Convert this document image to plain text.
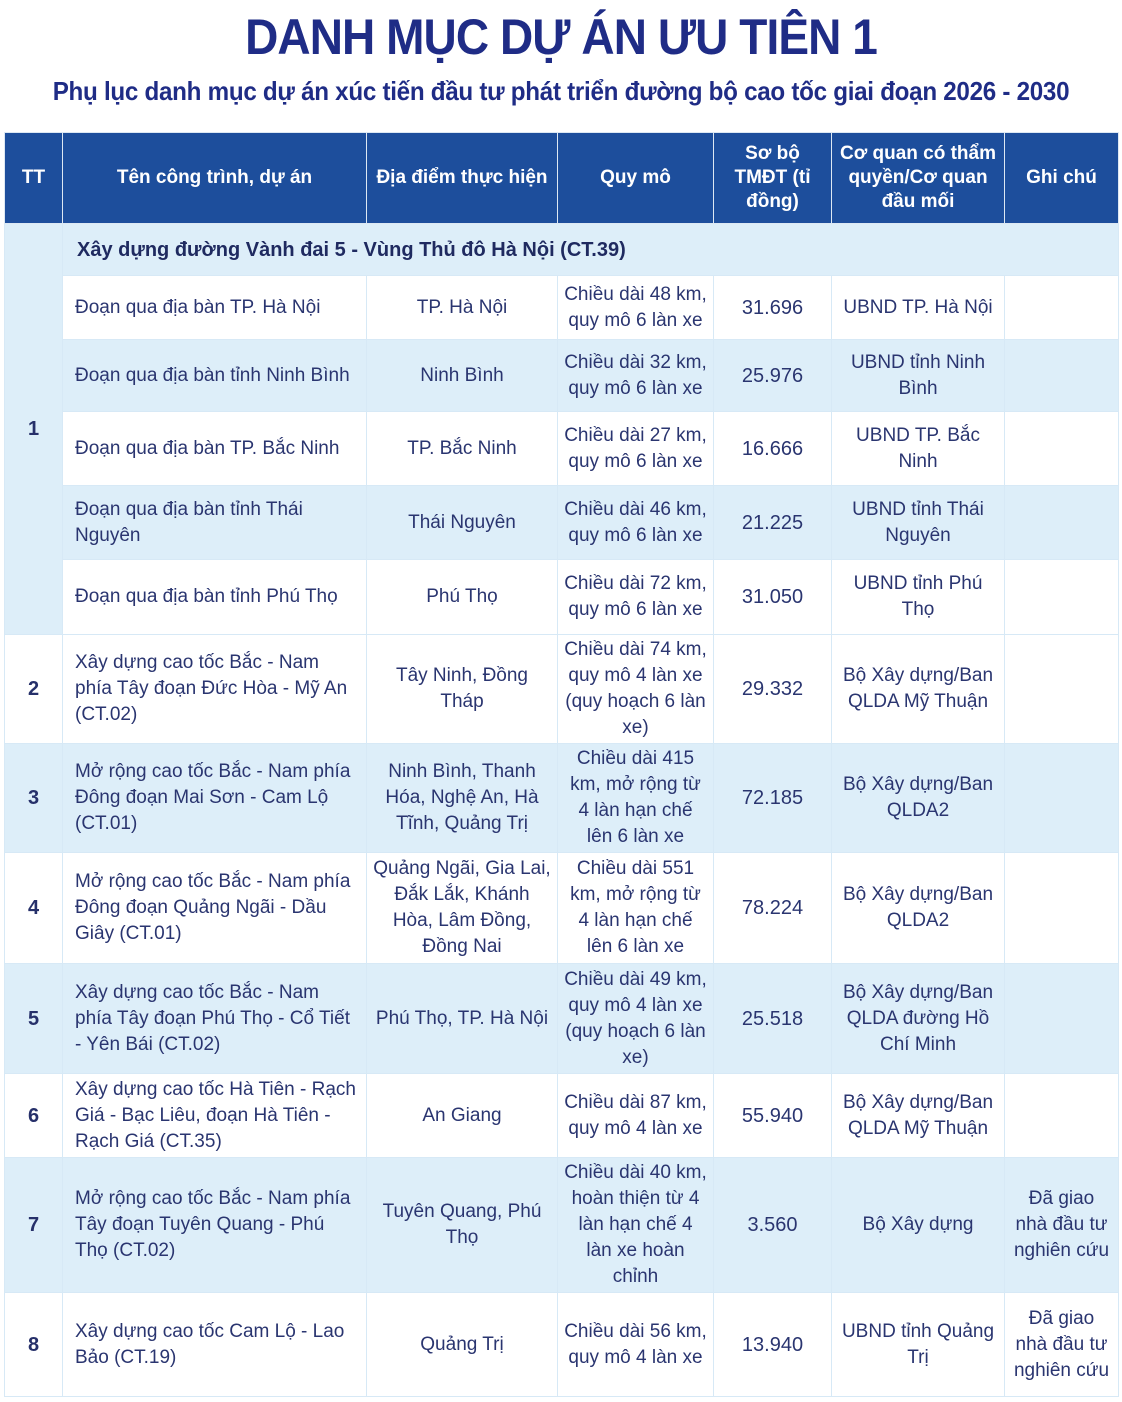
DANH MỤC DỰ ÁN ƯU TIÊN 1
Phụ lục danh mục dự án xúc tiến đầu tư phát triển đường bộ cao tốc giai đoạn 2026 - 2030
TT	Tên công trình, dự án	Địa điểm thực hiện	Quy mô	Sơ bộ TMĐT (tỉ đồng)	Cơ quan có thẩm quyền/Cơ quan đầu mối	Ghi chú
1	Xây dựng đường Vành đai 5 - Vùng Thủ đô Hà Nội (CT.39)					
	Đoạn qua địa bàn TP. Hà Nội	TP. Hà Nội	Chiều dài 48 km, quy mô 6 làn xe	31.696	UBND TP. Hà Nội	
	Đoạn qua địa bàn tỉnh Ninh Bình	Ninh Bình	Chiều dài 32 km, quy mô 6 làn xe	25.976	UBND tỉnh Ninh Bình	
	Đoạn qua địa bàn TP. Bắc Ninh	TP. Bắc Ninh	Chiều dài 27 km, quy mô 6 làn xe	16.666	UBND TP. Bắc Ninh	
	Đoạn qua địa bàn tỉnh Thái Nguyên	Thái Nguyên	Chiều dài 46 km, quy mô 6 làn xe	21.225	UBND tỉnh Thái Nguyên	
	Đoạn qua địa bàn tỉnh Phú Thọ	Phú Thọ	Chiều dài 72 km, quy mô 6 làn xe	31.050	UBND tỉnh Phú Thọ	
2	Xây dựng cao tốc Bắc - Nam phía Tây đoạn Đức Hòa - Mỹ An (CT.02)	Tây Ninh, Đồng Tháp	Chiều dài 74 km, quy mô 4 làn xe (quy hoạch 6 làn xe)	29.332	Bộ Xây dựng/Ban QLDA Mỹ Thuận	
3	Mở rộng cao tốc Bắc - Nam phía Đông đoạn Mai Sơn - Cam Lộ (CT.01)	Ninh Bình, Thanh Hóa, Nghệ An, Hà Tĩnh, Quảng Trị	Chiều dài 415 km, mở rộng từ 4 làn hạn chế lên 6 làn xe	72.185	Bộ Xây dựng/Ban QLDA2	
4	Mở rộng cao tốc Bắc - Nam phía Đông đoạn Quảng Ngãi - Dầu Giây (CT.01)	Quảng Ngãi, Gia Lai, Đắk Lắk, Khánh Hòa, Lâm Đồng, Đồng Nai	Chiều dài 551 km, mở rộng từ 4 làn hạn chế lên 6 làn xe	78.224	Bộ Xây dựng/Ban QLDA2	
5	Xây dựng cao tốc Bắc - Nam phía Tây đoạn Phú Thọ - Cổ Tiết - Yên Bái (CT.02)	Phú Thọ, TP. Hà Nội	Chiều dài 49 km, quy mô 4 làn xe (quy hoạch 6 làn xe)	25.518	Bộ Xây dựng/Ban QLDA đường Hồ Chí Minh	
6	Xây dựng cao tốc Hà Tiên - Rạch Giá - Bạc Liêu, đoạn Hà Tiên - Rạch Giá (CT.35)	An Giang	Chiều dài 87 km, quy mô 4 làn xe	55.940	Bộ Xây dựng/Ban QLDA Mỹ Thuận	
7	Mở rộng cao tốc Bắc - Nam phía Tây đoạn Tuyên Quang - Phú Thọ (CT.02)	Tuyên Quang, Phú Thọ	Chiều dài 40 km, hoàn thiện từ 4 làn hạn chế 4 làn xe hoàn chỉnh	3.560	Bộ Xây dựng	Đã giao nhà đầu tư nghiên cứu
8	Xây dựng cao tốc Cam Lộ - Lao Bảo (CT.19)	Quảng Trị	Chiều dài 56 km, quy mô 4 làn xe	13.940	UBND tỉnh Quảng Trị	Đã giao nhà đầu tư nghiên cứu
